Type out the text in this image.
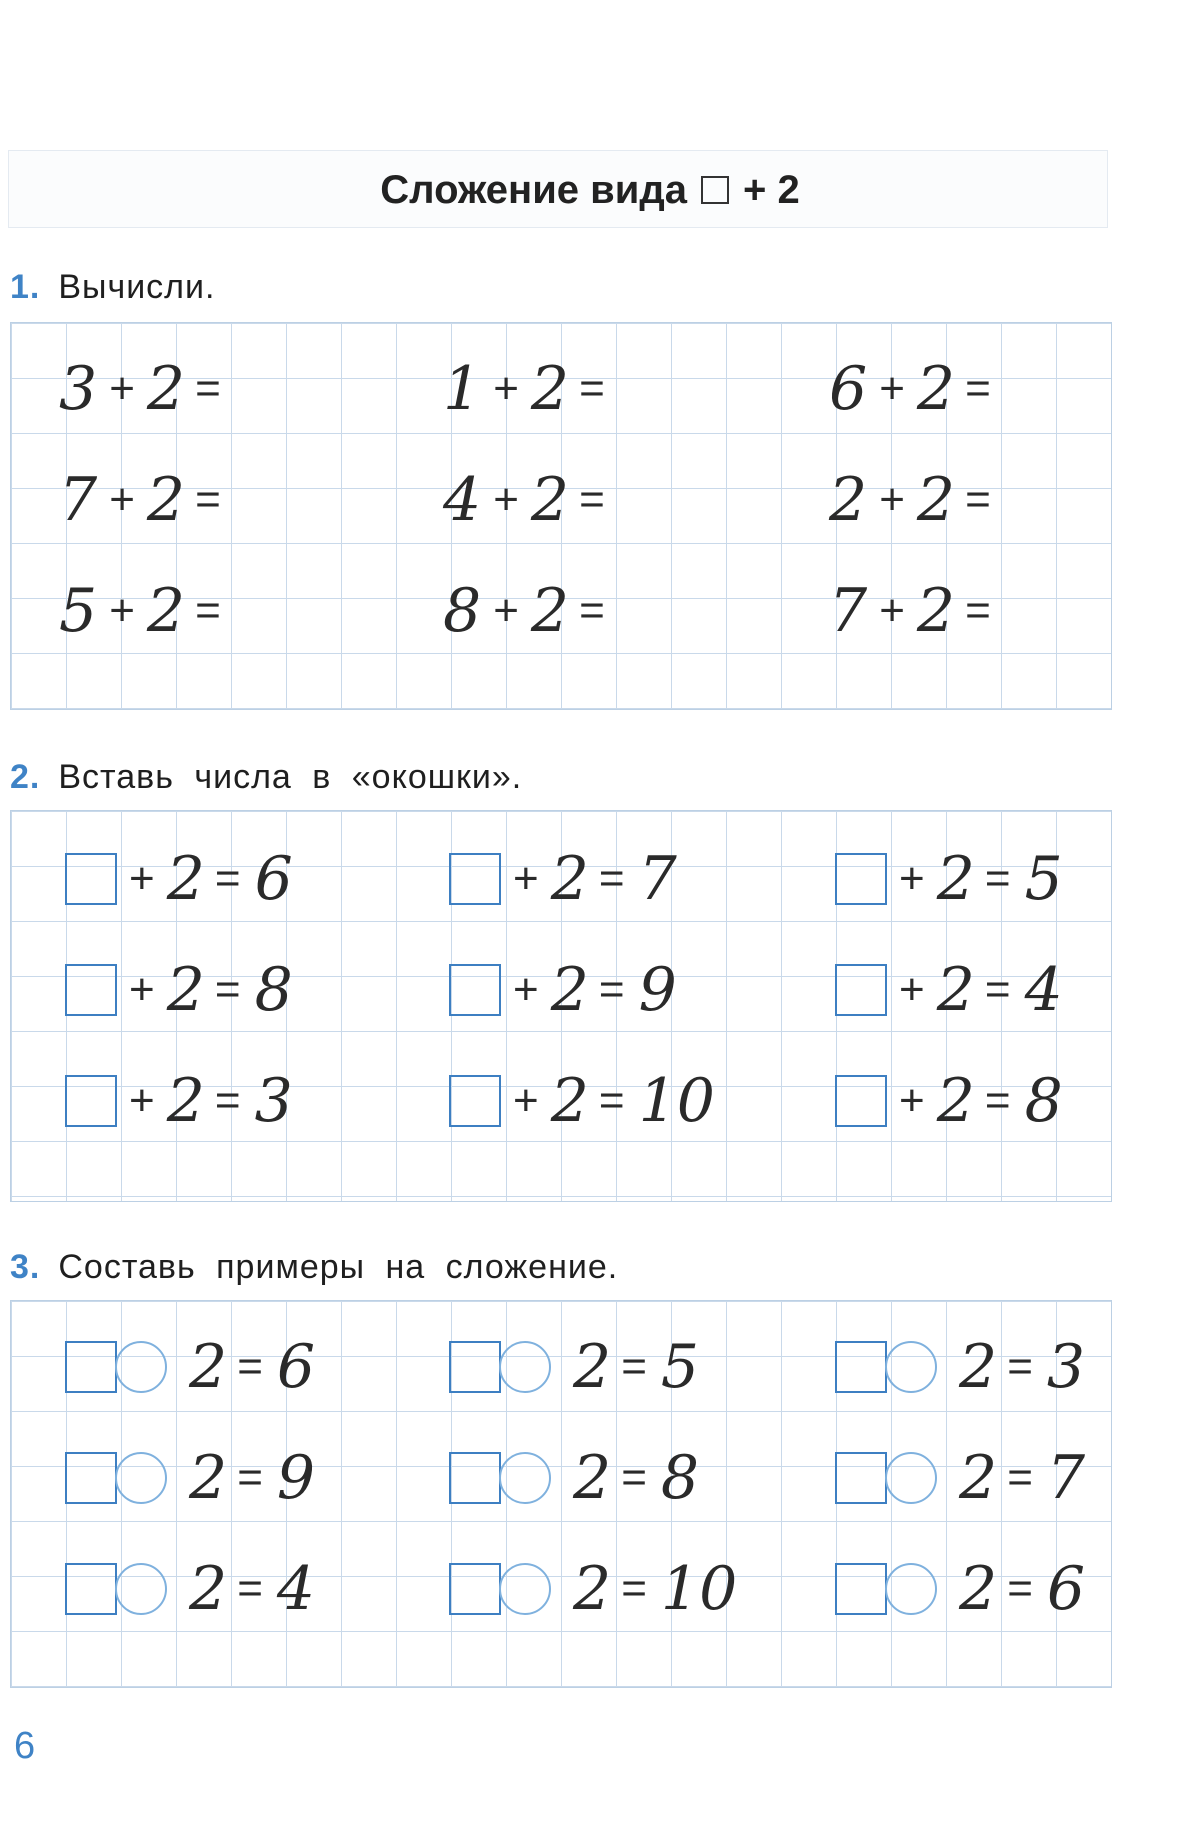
Сложение вида + 2
1. Вычисли.
3 + 2 =	1 + 2 =	6 + 2 =
7 + 2 =	4 + 2 =	2 + 2 =
5 + 2 =	8 + 2 =	7 + 2 =
2. Вставь числа в «окошки».
+ 2 = 6	+ 2 = 7	+ 2 = 5
+ 2 = 8	+ 2 = 9	+ 2 = 4
+ 2 = 3	+ 2 = 10	+ 2 = 8
3. Составь примеры на сложение.
2 = 6	2 = 5	2 = 3
2 = 9	2 = 8	2 = 7
2 = 4	2 = 10	2 = 6
6
